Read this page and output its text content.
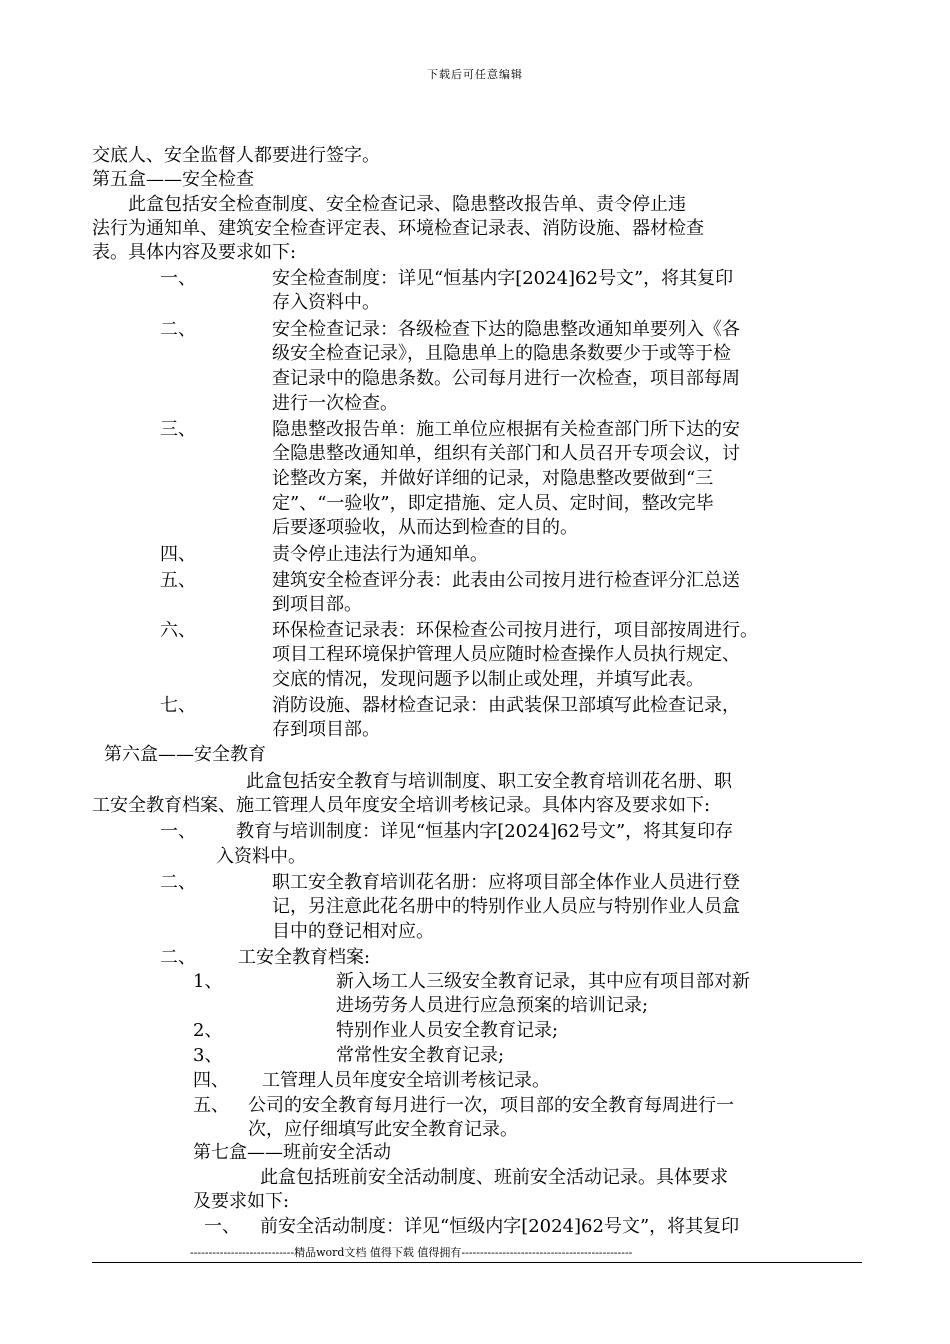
下载后可任意编辑
交底人、安全监督人都要进行签字。
第五盒——安全检查
此盒包括安全检查制度、安全检查记录、隐患整改报告单、责令停止违
法行为通知单、建筑安全检查评定表、环境检查记录表、消防设施、器材检查
表。具体内容及要求如下:
一、	安全检查制度：详见“恒基内字[2024]62号文”，将其复印
存入资料中。
二、	安全检查记录：各级检查下达的隐患整改通知单要列入《各
级安全检查记录》，且隐患单上的隐患条数要少于或等于检
查记录中的隐患条数。公司每月进行一次检查，项目部每周
进行一次检查。
三、	隐患整改报告单：施工单位应根据有关检查部门所下达的安
全隐患整改通知单，组织有关部门和人员召开专项会议，讨
论整改方案，并做好详细的记录，对隐患整改要做到“三
定”、“一验收”，即定措施、定人员、定时间，整改完毕
后要逐项验收，从而达到检查的目的。
四、	责令停止违法行为通知单。
五、	建筑安全检查评分表：此表由公司按月进行检查评分汇总送
到项目部。
六、	环保检查记录表：环保检查公司按月进行，项目部按周进行。
项目工程环境保护管理人员应随时检查操作人员执行规定、
交底的情况，发现问题予以制止或处理，并填写此表。
七、	消防设施、器材检查记录：由武装保卫部填写此检查记录，
存到项目部。
第六盒——安全教育
此盒包括安全教育与培训制度、职工安全教育培训花名册、职
工安全教育档案、施工管理人员年度安全培训考核记录。具体内容及要求如下:
一、 教育与培训制度：详见“恒基内字[2024]62号文”，将其复印存
入资料中。
二、	职工安全教育培训花名册：应将项目部全体作业人员进行登
记，另注意此花名册中的特别作业人员应与特别作业人员盒
目中的登记相对应。
二、 工安全教育档案:
1、	新入场工人三级安全教育记录，其中应有项目部对新
进场劳务人员进行应急预案的培训记录;
2、	特别作业人员安全教育记录;
3、	常常性安全教育记录;
四、 工管理人员年度安全培训考核记录。
五、 公司的安全教育每月进行一次，项目部的安全教育每周进行一
次，应仔细填写此安全教育记录。
第七盒——班前安全活动
此盒包括班前安全活动制度、班前安全活动记录。具体要求
及要求如下:
一、 前安全活动制度：详见“恒级内字[2024]62号文”，将其复印
----------------------------精品word文档 值得下载 值得拥有----------------------------------------------
